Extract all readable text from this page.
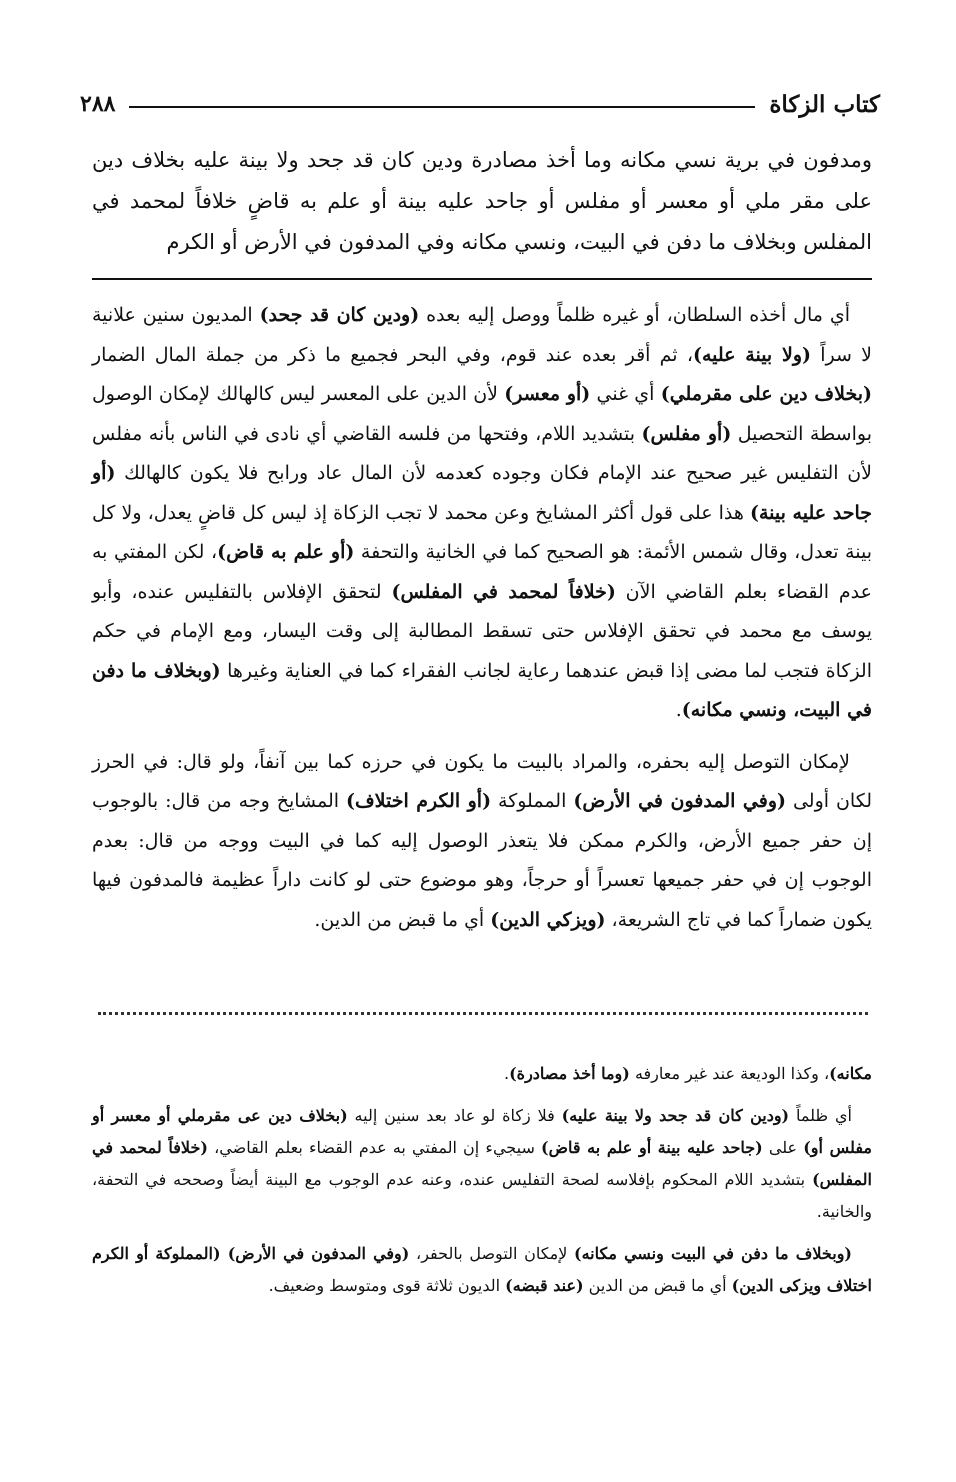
كتاب الزكاة
٢٨٨
ومدفون في برية نسي مكانه وما أخذ مصادرة ودين كان قد جحد ولا بينة عليه بخلاف دين على مقر ملي أو معسر أو مفلس أو جاحد عليه بينة أو علم به قاضٍ خلافاً لمحمد في المفلس وبخلاف ما دفن في البيت، ونسي مكانه وفي المدفون في الأرض أو الكرم

أي مال أخذه السلطان، أو غيره ظلماً ووصل إليه بعده (ودين كان قد جحد) المديون سنين علانية لا سراً (ولا بينة عليه)، ثم أقر بعده عند قوم، وفي البحر فجميع ما ذكر من جملة المال الضمار (بخلاف دين على مقرملي) أي غني (أو معسر) لأن الدين على المعسر ليس كالهالك لإمكان الوصول بواسطة التحصيل (أو مفلس) بتشديد اللام، وفتحها من فلسه القاضي أي نادى في الناس بأنه مفلس لأن التفليس غير صحيح عند الإمام فكان وجوده كعدمه لأن المال عاد ورابح فلا يكون كالهالك (أو جاحد عليه بينة) هذا على قول أكثر المشايخ وعن محمد لا تجب الزكاة إذ ليس كل قاضٍ يعدل، ولا كل بينة تعدل، وقال شمس الأئمة: هو الصحيح كما في الخانية والتحفة (أو علم به قاض)، لكن المفتي به عدم القضاء بعلم القاضي الآن (خلافاً لمحمد في المفلس) لتحقق الإفلاس بالتفليس عنده، وأبو يوسف مع محمد في تحقق الإفلاس حتى تسقط المطالبة إلى وقت اليسار، ومع الإمام في حكم الزكاة فتجب لما مضى إذا قبض عندهما رعاية لجانب الفقراء كما في العناية وغيرها (وبخلاف ما دفن في البيت، ونسي مكانه).

لإمكان التوصل إليه بحفره، والمراد بالبيت ما يكون في حرزه كما بين آنفاً، ولو قال: في الحرز لكان أولى (وفي المدفون في الأرض) المملوكة (أو الكرم اختلاف) المشايخ وجه من قال: بالوجوب إن حفر جميع الأرض، والكرم ممكن فلا يتعذر الوصول إليه كما في البيت ووجه من قال: بعدم الوجوب إن في حفر جميعها تعسراً أو حرجاً، وهو موضوع حتى لو كانت داراً عظيمة فالمدفون فيها يكون ضماراً كما في تاج الشريعة، (ويزكي الدين) أي ما قبض من الدين.

مكانه)، وكذا الوديعة عند غير معارفه (وما أخذ مصادرة).

أي ظلماً (ودين كان قد جحد ولا بينة عليه) فلا زكاة لو عاد بعد سنين إليه (بخلاف دين عى مقرملي أو معسر أو مفلس أو) على (جاحد عليه بينة أو علم به قاض) سيجيء إن المفتي به عدم القضاء بعلم القاضي، (خلافاً لمحمد في المفلس) بتشديد اللام المحكوم بإفلاسه لصحة التفليس عنده، وعنه عدم الوجوب مع البينة أيضاً وصححه في التحفة، والخانية.

(وبخلاف ما دفن في البيت ونسي مكانه) لإمكان التوصل بالحفر، (وفي المدفون في الأرض) (المملوكة أو الكرم اختلاف ويزكى الدين) أي ما قبض من الدين (عند قبضه) الديون ثلاثة قوى ومتوسط وضعيف.
